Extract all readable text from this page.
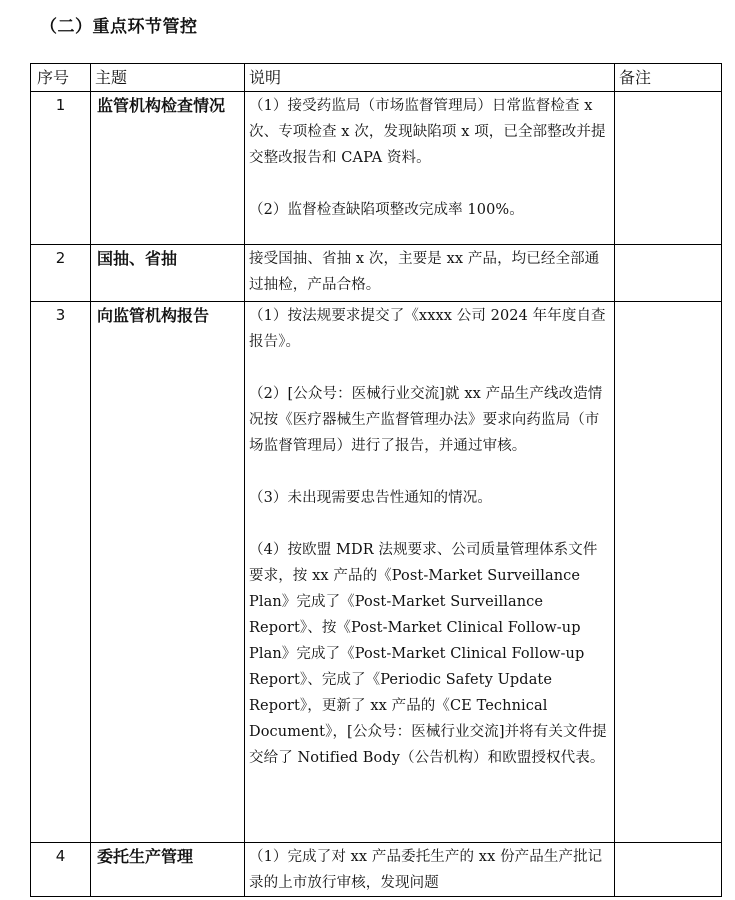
（二）重点环节管控
序号	主题	说明	备注
1	监管机构检查情况	（1）接受药监局（市场监督管理局）日常监督检查 x 次、专项检查 x 次，发现缺陷项 x 项，已全部整改并提交整改报告和 CAPA 资料。

（2）监督检查缺陷项整改完成率 100%。	

2	国抽、省抽	接受国抽、省抽 x 次，主要是 xx 产品，均已经全部通过抽检，产品合格。	

3	向监管机构报告	（1）按法规要求提交了《xxxx 公司 2024 年年度自查报告》。

（2）[公众号：医械行业交流]就 xx 产品生产线改造情况按《医疗器械生产监督管理办法》要求向药监局（市场监督管理局）进行了报告，并通过审核。

（3）未出现需要忠告性通知的情况。

（4）按欧盟 MDR 法规要求、公司质量管理体系文件要求，按 xx 产品的《Post-Market Surveillance Plan》完成了《Post-Market Surveillance Report》、按《Post-Market Clinical Follow-up Plan》完成了《Post-Market Clinical Follow-up Report》、完成了《Periodic Safety Update Report》，更新了 xx 产品的《CE Technical Document》，[公众号：医械行业交流]并将有关文件提交给了 Notified Body（公告机构）和欧盟授权代表。	

4	委托生产管理	（1）完成了对 xx 产品委托生产的 xx 份产品生产批记录的上市放行审核，发现问题	
